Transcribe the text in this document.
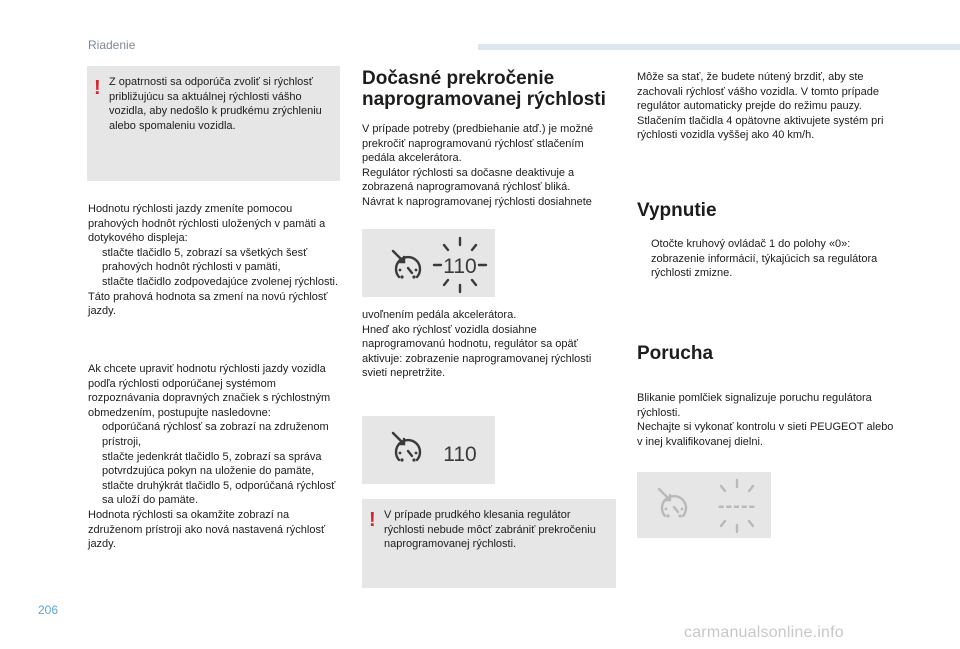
Riadenie
! Z opatrnosti sa odporúča zvoliť si rýchlosť približujúcu sa aktuálnej rýchlosti vášho vozidla, aby nedošlo k prudkému zrýchleniu alebo spomaleniu vozidla.

Hodnotu rýchlosti jazdy zmeníte pomocou prahových hodnôt rýchlosti uložených v pamäti a dotykového displeja:

stlačte tlačidlo 5, zobrazí sa všetkých šesť prahových hodnôt rýchlosti v pamäti,
stlačte tlačidlo zodpovedajúce zvolenej rýchlosti.

Táto prahová hodnota sa zmení na novú rýchlosť jazdy.

Ak chcete upraviť hodnotu rýchlosti jazdy vozidla podľa rýchlosti odporúčanej systémom rozpoznávania dopravných značiek s rýchlostným obmedzením, postupujte nasledovne:

odporúčaná rýchlosť sa zobrazí na združenom prístroji,
stlačte jedenkrát tlačidlo 5, zobrazí sa správa potvrdzujúca pokyn na uloženie do pamäte,
stlačte druhýkrát tlačidlo 5, odporúčaná rýchlosť sa uloží do pamäte.

Hodnota rýchlosti sa okamžite zobrazí na združenom prístroji ako nová nastavená rýchlosť jazdy.

Dočasné prekročenie
naprogramovanej rýchlosti

V prípade potreby (predbiehanie atď.) je možné prekročiť naprogramovanú rýchlosť stlačením pedála akcelerátora.

Regulátor rýchlosti sa dočasne deaktivuje a zobrazená naprogramovaná rýchlosť bliká.

Návrat k naprogramovanej rýchlosti dosiahnete

110

uvoľnením pedála akcelerátora.

Hneď ako rýchlosť vozidla dosiahne naprogramovanú hodnotu, regulátor sa opäť aktivuje: zobrazenie naprogramovanej rýchlosti svieti nepretržite.

110
! V prípade prudkého klesania regulátor rýchlosti nebude môcť zabrániť prekročeniu naprogramovanej rýchlosti.

Môže sa stať, že budete nútený brzdiť, aby ste zachovali rýchlosť vášho vozidla. V tomto prípade regulátor automaticky prejde do režimu pauzy.

Stlačením tlačidla 4 opätovne aktivujete systém pri rýchlosti vozidla vyššej ako 40 km/h.

Vypnutie
Otočte kruhový ovládač 1 do polohy «0»: zobrazenie informácií, týkajúcich sa regulátora rýchlosti zmizne.
Porucha

Blikanie pomlčiek signalizuje poruchu regulátora rýchlosti.

Nechajte si vykonať kontrolu v sieti PEUGEOT alebo v inej kvalifikovanej dielni.

-----
206
carmanualsonline.info
